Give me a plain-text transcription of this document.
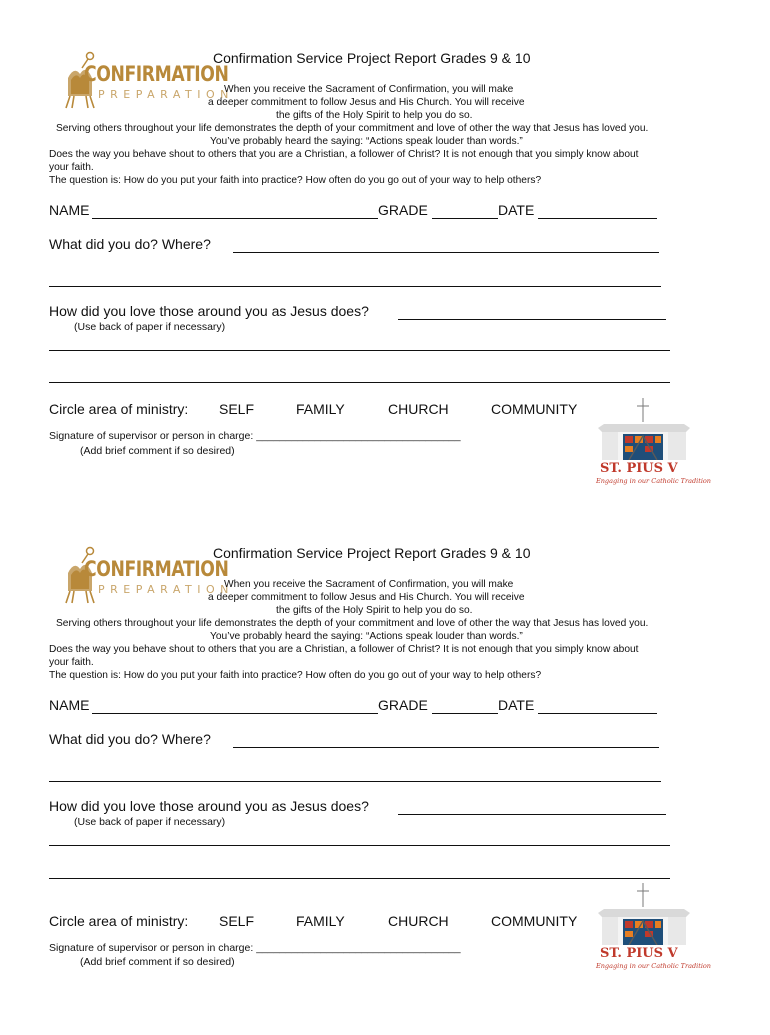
CONFIRMATION
PREPARATION
Confirmation Service Project Report Grades 9 & 10
When you receive the Sacrament of Confirmation, you will make
a deeper commitment to follow Jesus and His Church. You will receive
the gifts of the Holy Spirit to help you do so.
Serving others throughout your life demonstrates the depth of your commitment and love of other the way that Jesus has loved you.
You’ve probably heard the saying: “Actions speak louder than words.”
Does the way you behave shout to others that you are a Christian, a follower of Christ? It is not enough that you simply know about
your faith.
The question is: How do you put your faith into practice? How often do you go out of your way to help others?
NAME	GRADE	DATE
What did you do? Where?
How did you love those around you as Jesus does?
(Use back of paper if necessary)
Circle area of ministry: SELF	FAMILY	CHURCH	COMMUNITY
Signature of supervisor or person in charge: ___________________________________
(Add brief comment if so desired)
ST. PIUS V
Engaging in our Catholic Tradition
CONFIRMATION
PREPARATION
Confirmation Service Project Report Grades 9 & 10
When you receive the Sacrament of Confirmation, you will make
a deeper commitment to follow Jesus and His Church. You will receive
the gifts of the Holy Spirit to help you do so.
Serving others throughout your life demonstrates the depth of your commitment and love of other the way that Jesus has loved you.
You’ve probably heard the saying: “Actions speak louder than words.”
Does the way you behave shout to others that you are a Christian, a follower of Christ? It is not enough that you simply know about
your faith.
The question is: How do you put your faith into practice? How often do you go out of your way to help others?
NAME	GRADE	DATE
What did you do? Where?
How did you love those around you as Jesus does?
(Use back of paper if necessary)
Circle area of ministry: SELF	FAMILY	CHURCH	COMMUNITY
Signature of supervisor or person in charge: ___________________________________
(Add brief comment if so desired)
ST. PIUS V
Engaging in our Catholic Tradition
